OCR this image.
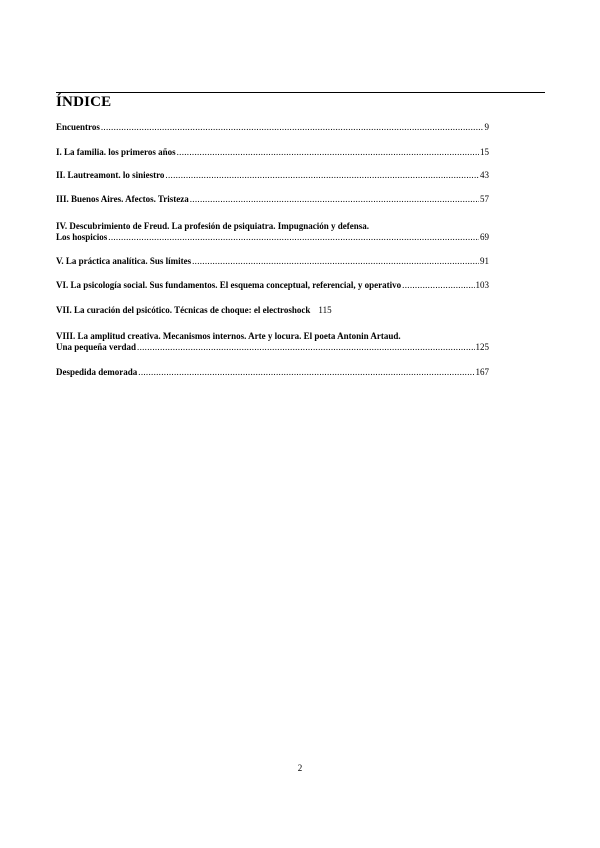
ÍNDICE
Encuentros .....	9
I. La familia. los primeros años .....	15
II. Lautreamont. lo siniestro .....	43
III. Buenos Aires. Afectos. Tristeza .....	57
IV. Descubrimiento de Freud. La profesión de psiquiatra. Impugnación y defensa.
Los hospicios .....	69
V. La práctica analítica. Sus límites .....	91
VI. La psicología social. Sus fundamentos. El esquema conceptual, referencial, y operativo .....	103
VII. La curación del psicótico. Técnicas de choque: el electroshock 115
VIII. La amplitud creativa. Mecanismos internos. Arte y locura. El poeta Antonin Artaud.
Una pequeña verdad .....	125
Despedida demorada .....	167
2
